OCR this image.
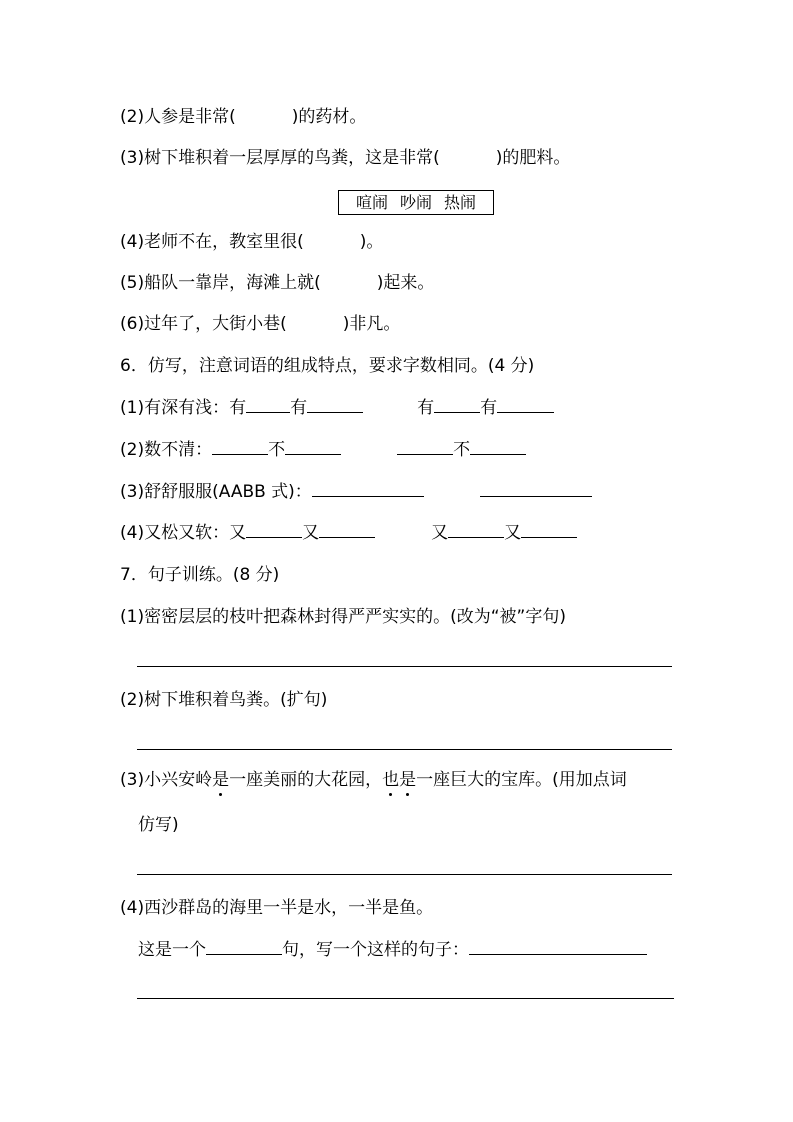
(2)人参是非常(	)的药材。
(3)树下堆积着一层厚厚的鸟粪，这是非常(	)的肥料。
喧闹 吵闹 热闹
(4)老师不在，教室里很(	)。
(5)船队一靠岸，海滩上就(	)起来。
(6)过年了，大街小巷(	)非凡。
6．仿写，注意词语的组成特点，要求字数相同。(4 分)
(1)有深有浅：有	有	有	有
(2)数不清：	不	不
(3)舒舒服服(AABB 式)：
(4)又松又软：又	又	又	又
7．句子训练。(8 分)
(1)密密层层的枝叶把森林封得严严实实的。(改为“被”字句)
(2)树下堆积着鸟粪。(扩句)
(3)小兴安岭是一座美丽的大花园，也是一座巨大的宝库。(用加点词
仿写)
(4)西沙群岛的海里一半是水，一半是鱼。
这是一个	句，写一个这样的句子：
